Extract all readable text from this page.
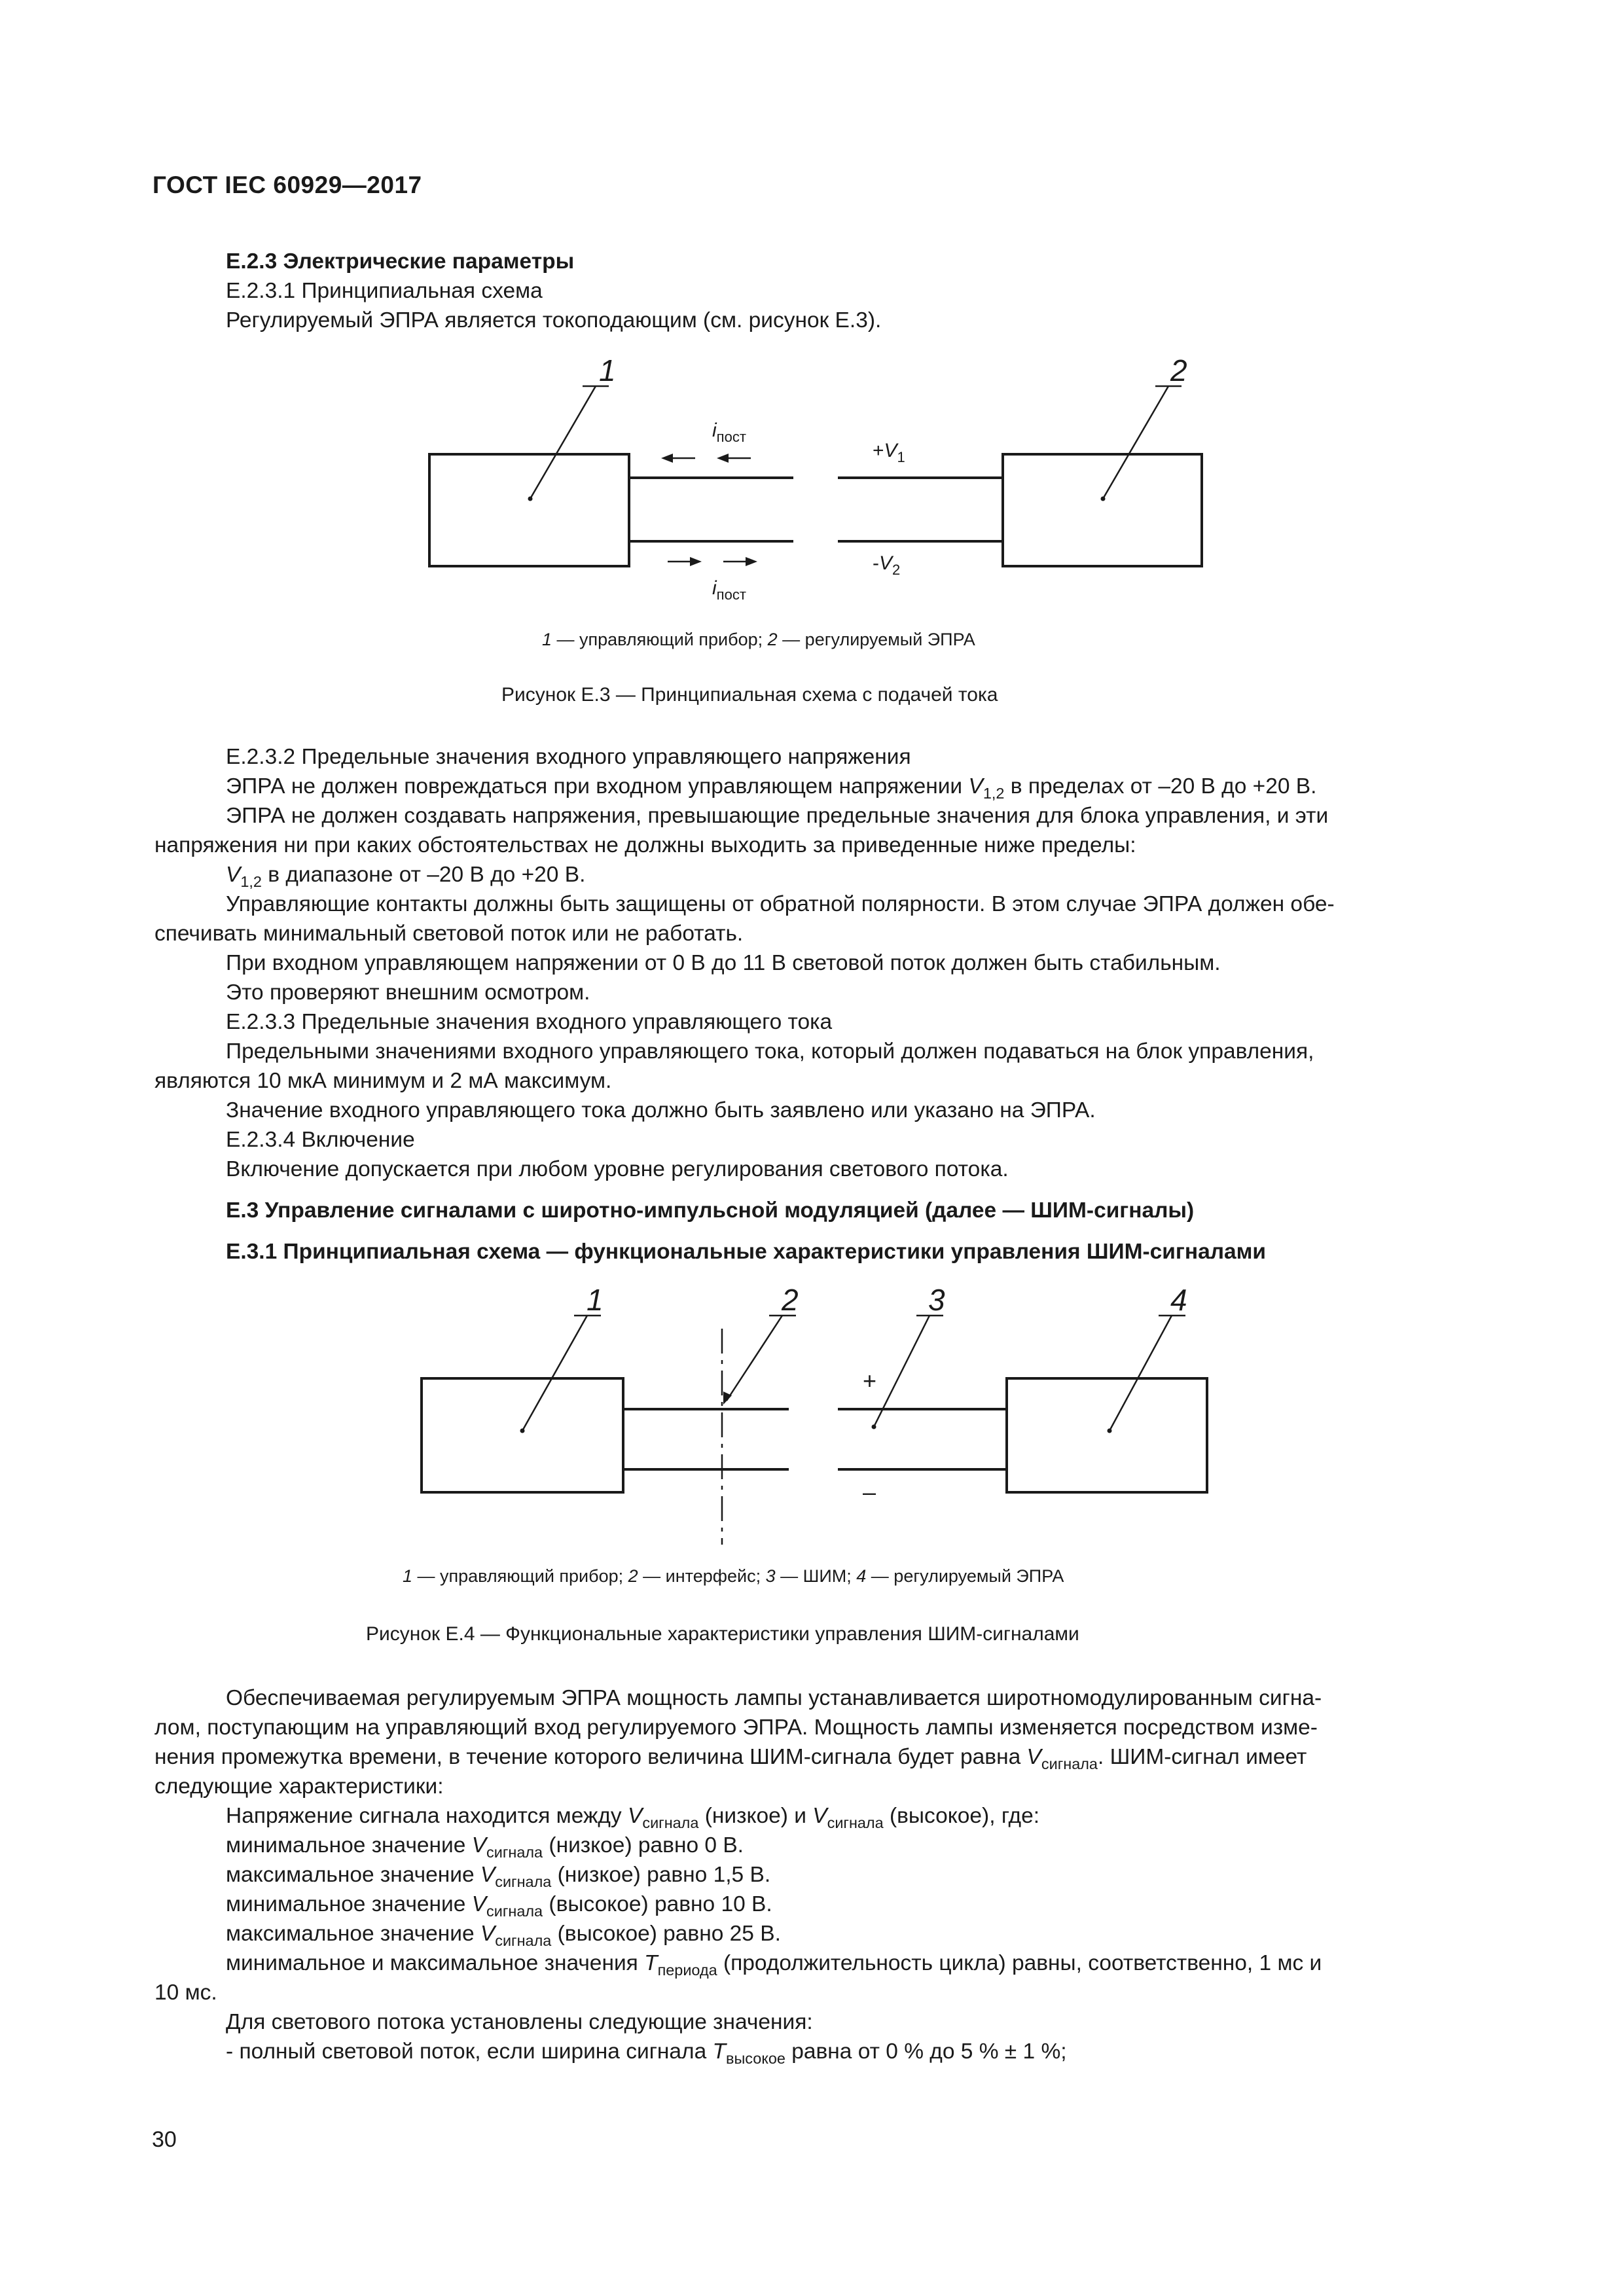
ГОСТ IEC 60929—2017
Е.2.3 Электрические параметры
Е.2.3.1 Принципиальная схема
Регулируемый ЭПРА является токоподающим (см. рисунок Е.3).
1	2
$i_{пост}$
$i_{пост}$
$+V_1$
$-V_2$
1 — управляющий прибор; 2 — регулируемый ЭПРА
Рисунок Е.3 — Принципиальная схема с подачей тока
Е.2.3.2 Предельные значения входного управляющего напряжения
ЭПРА не должен повреждаться при входном управляющем напряжении $V_{1,2}$ в пределах от –20 В до +20 В.
ЭПРА не должен создавать напряжения, превышающие предельные значения для блока управления, и эти
напряжения ни при каких обстоятельствах не должны выходить за приведенные ниже пределы:
$V_{1,2}$ в диапазоне от –20 В до +20 В.
Управляющие контакты должны быть защищены от обратной полярности. В этом случае ЭПРА должен обе-
спечивать минимальный световой поток или не работать.
При входном управляющем напряжении от 0 В до 11 В световой поток должен быть стабильным.
Это проверяют внешним осмотром.
Е.2.3.3 Предельные значения входного управляющего тока
Предельными значениями входного управляющего тока, который должен подаваться на блок управления,
являются 10 мкА минимум и 2 мА максимум.
Значение входного управляющего тока должно быть заявлено или указано на ЭПРА.
Е.2.3.4 Включение
Включение допускается при любом уровне регулирования светового потока.
Е.3 Управление сигналами с широтно-импульсной модуляцией (далее — ШИМ-сигналы)
Е.3.1 Принципиальная схема — функциональные характеристики управления ШИМ-сигналами
1	2	3	4
+
–
1 — управляющий прибор; 2 — интерфейс; 3 — ШИМ; 4 — регулируемый ЭПРА
Рисунок Е.4 — Функциональные характеристики управления ШИМ-сигналами
Обеспечиваемая регулируемым ЭПРА мощность лампы устанавливается широтномодулированным сигна-
лом, поступающим на управляющий вход регулируемого ЭПРА. Мощность лампы изменяется посредством изме-
нения промежутка времени, в течение которого величина ШИМ-сигнала будет равна $V_{сигнала}$. ШИМ-сигнал имеет
следующие характеристики:
Напряжение сигнала находится между $V_{сигнала}$ (низкое) и $V_{сигнала}$ (высокое), где:
минимальное значение $V_{сигнала}$ (низкое) равно 0 В.
максимальное значение $V_{сигнала}$ (низкое) равно 1,5 В.
минимальное значение $V_{сигнала}$ (высокое) равно 10 В.
максимальное значение $V_{сигнала}$ (высокое) равно 25 В.
минимальное и максимальное значения $T_{периода}$ (продолжительность цикла) равны, соответственно, 1 мс и
10 мс.
Для светового потока установлены следующие значения:
- полный световой поток, если ширина сигнала $T_{высокое}$ равна от 0 % до 5 % ± 1 %;
30
